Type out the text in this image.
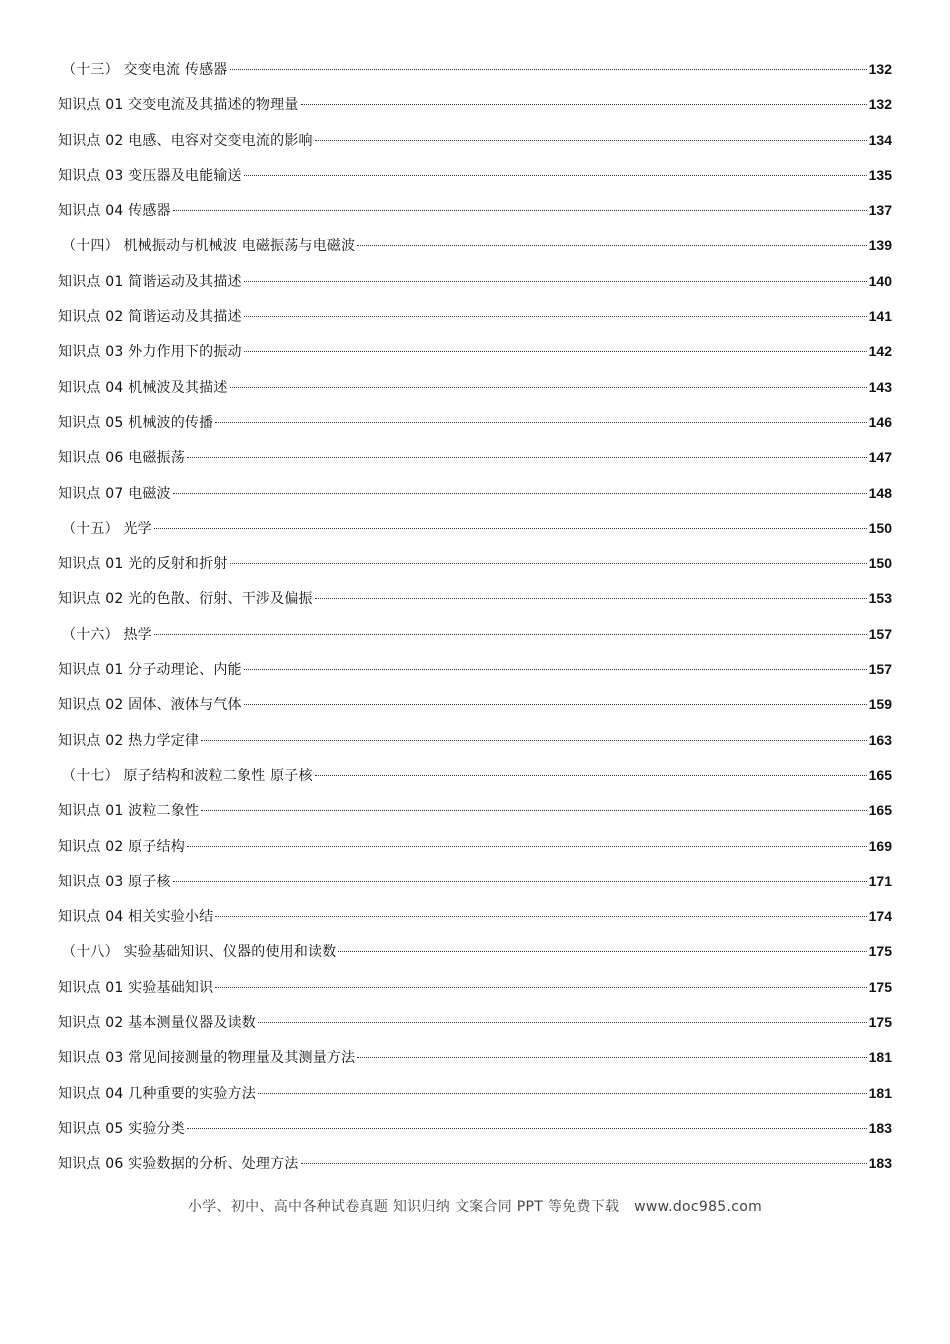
（十三） 交变电流 传感器	132
知识点 01 交变电流及其描述的物理量	132
知识点 02 电感、电容对交变电流的影响	134
知识点 03 变压器及电能输送	135
知识点 04 传感器	137
（十四） 机械振动与机械波 电磁振荡与电磁波	139
知识点 01 简谐运动及其描述	140
知识点 02 简谐运动及其描述	141
知识点 03 外力作用下的振动	142
知识点 04 机械波及其描述	143
知识点 05 机械波的传播	146
知识点 06 电磁振荡	147
知识点 07 电磁波	148
（十五） 光学	150
知识点 01 光的反射和折射	150
知识点 02 光的色散、衍射、干涉及偏振	153
（十六） 热学	157
知识点 01 分子动理论、内能	157
知识点 02 固体、液体与气体	159
知识点 02 热力学定律	163
（十七） 原子结构和波粒二象性 原子核	165
知识点 01 波粒二象性	165
知识点 02 原子结构	169
知识点 03 原子核	171
知识点 04 相关实验小结	174
（十八） 实验基础知识、仪器的使用和读数	175
知识点 01 实验基础知识	175
知识点 02 基本测量仪器及读数	175
知识点 03 常见间接测量的物理量及其测量方法	181
知识点 04 几种重要的实验方法	181
知识点 05 实验分类	183
知识点 06 实验数据的分析、处理方法	183
小学、初中、高中各种试卷真题 知识归纳 文案合同 PPT 等免费下载 www.doc985.com
